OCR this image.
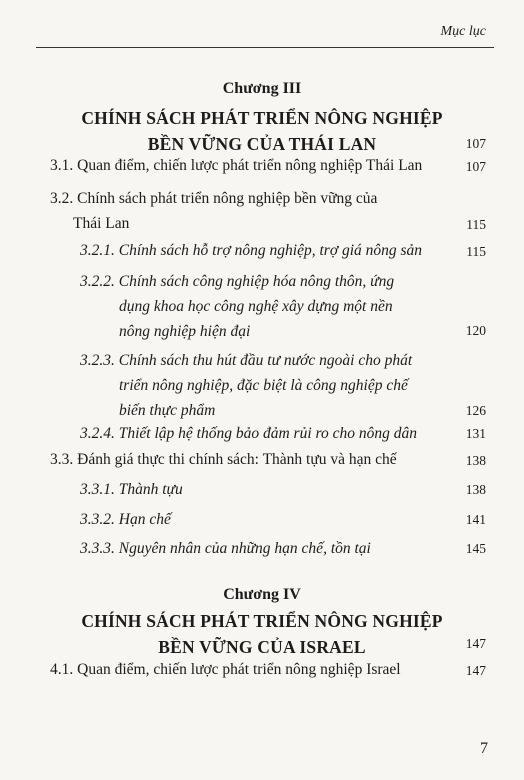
Mục lục
Chương III
CHÍNH SÁCH PHÁT TRIỂN NÔNG NGHIỆP
BỀN VỮNG CỦA THÁI LAN	107
3.1. Quan điểm, chiến lược phát triển nông nghiệp Thái Lan	107
3.2. Chính sách phát triển nông nghiệp bền vững của
Thái Lan	115
3.2.1. Chính sách hỗ trợ nông nghiệp, trợ giá nông sản	115
3.2.2. Chính sách công nghiệp hóa nông thôn, ứng
dụng khoa học công nghệ xây dựng một nền
nông nghiệp hiện đại	120
3.2.3. Chính sách thu hút đầu tư nước ngoài cho phát
triển nông nghiệp, đặc biệt là công nghiệp chế
biến thực phẩm	126
3.2.4. Thiết lập hệ thống bảo đảm rủi ro cho nông dân	131
3.3. Đánh giá thực thi chính sách: Thành tựu và hạn chế	138
3.3.1. Thành tựu	138
3.3.2. Hạn chế	141
3.3.3. Nguyên nhân của những hạn chế, tồn tại	145
Chương IV
CHÍNH SÁCH PHÁT TRIỂN NÔNG NGHIỆP
BỀN VỮNG CỦA ISRAEL	147
4.1. Quan điểm, chiến lược phát triển nông nghiệp Israel	147
7
